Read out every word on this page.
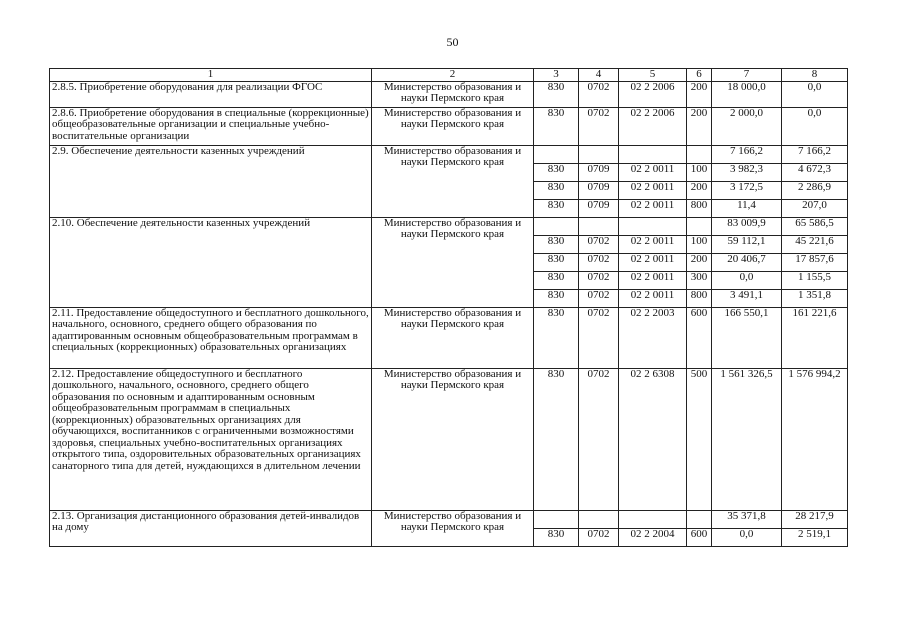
50
1	2	3	4	5	6	7	8
2.8.5. Приобретение оборудования для реализации ФГОС	Министерство образования и науки Пермского края	830	0702	02 2 2006	200	18 000,0	0,0
2.8.6. Приобретение оборудования в специальные (коррекционные) общеобразовательные организации и специальные учебно-воспитательные организации	Министерство образования и науки Пермского края	830	0702	02 2 2006	200	2 000,0	0,0
2.9. Обеспечение деятельности казенных учреждений	Министерство образования и науки Пермского края					7 166,2	7 166,2
		830	0709	02 2 0011	100	3 982,3	4 672,3
		830	0709	02 2 0011	200	3 172,5	2 286,9
		830	0709	02 2 0011	800	11,4	207,0
2.10. Обеспечение деятельности казенных учреждений	Министерство образования и науки Пермского края					83 009,9	65 586,5
		830	0702	02 2 0011	100	59 112,1	45 221,6
		830	0702	02 2 0011	200	20 406,7	17 857,6
		830	0702	02 2 0011	300	0,0	1 155,5
		830	0702	02 2 0011	800	3 491,1	1 351,8
2.11. Предоставление общедоступного и бесплатного дошкольного, начального, основного, среднего общего образования по адаптированным основным общеобразовательным программам в специальных (коррекционных) образовательных организациях	Министерство образования и науки Пермского края	830	0702	02 2 2003	600	166 550,1	161 221,6
2.12. Предоставление общедоступного и бесплатного дошкольного, начального, основного, среднего общего образования по основным и адаптированным основным общеобразовательным программам в специальных (коррекционных) образовательных организациях для обучающихся, воспитанников с ограниченными возможностями здоровья, специальных учебно-воспитательных организациях открытого типа, оздоровительных образовательных организациях санаторного типа для детей, нуждающихся в длительном лечении	Министерство образования и науки Пермского края	830	0702	02 2 6308	500	1 561 326,5	1 576 994,2
2.13. Организация дистанционного образования детей-инвалидов на дому	Министерство образования и науки Пермского края					35 371,8	28 217,9
		830	0702	02 2 2004	600	0,0	2 519,1
